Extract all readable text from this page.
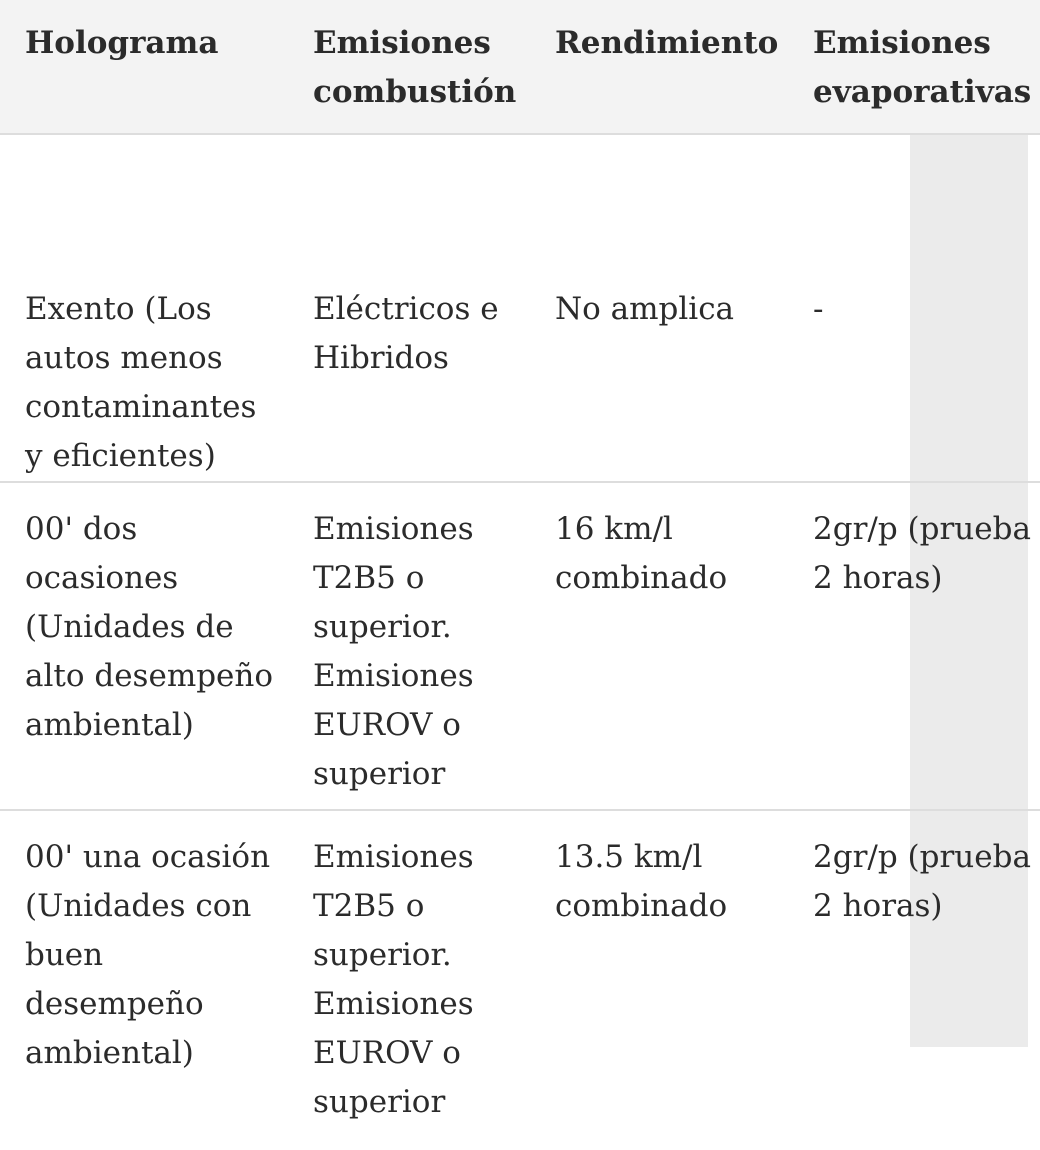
Holograma	Emisiones combustión	Rendimiento	Emisiones evaporativas
Exento (Los autos menos contaminantes y eficientes)	Eléctricos e Hibridos	No amplica	-
00' dos ocasiones (Unidades de alto desempeño ambiental)	Emisiones T2B5 o superior. Emisiones EUROV o superior	16 km/l combinado	2gr/p (prueba 2 horas)
00' una ocasión (Unidades con buen desempeño ambiental)	Emisiones T2B5 o superior. Emisiones EUROV o superior	13.5 km/l combinado	2gr/p (prueba 2 horas)
